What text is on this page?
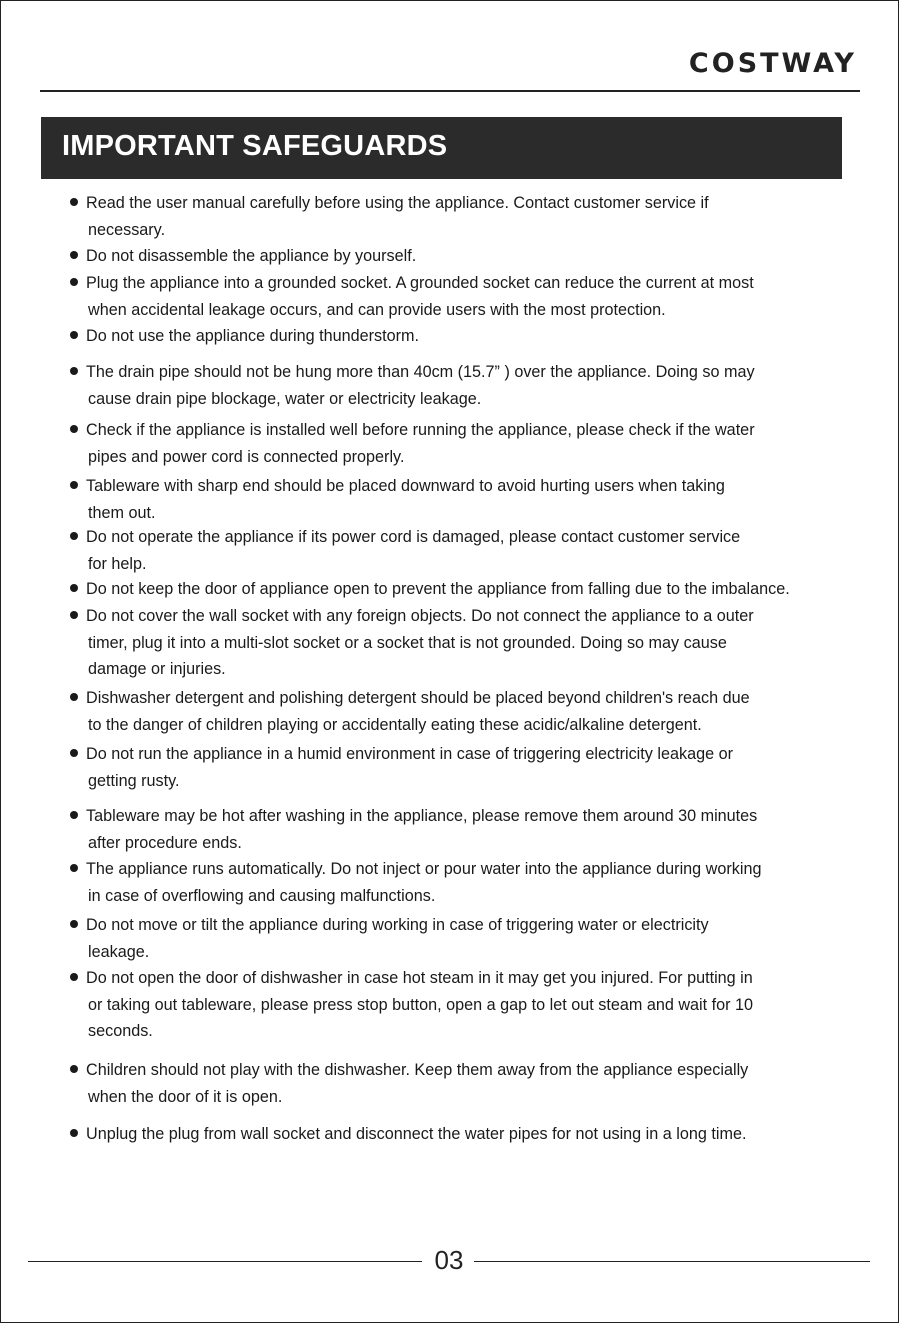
COSTWAY
IMPORTANT SAFEGUARDS
Read the user manual carefully before using the appliance. Contact customer service if
necessary.
Do not disassemble the appliance by yourself.
Plug the appliance into a grounded socket. A grounded socket can reduce the current at most
when accidental leakage occurs, and can provide users with the most protection.
Do not use the appliance during thunderstorm.
The drain pipe should not be hung more than 40cm (15.7” ) over the appliance. Doing so may
cause drain pipe blockage, water or electricity leakage.
Check if the appliance is installed well before running the appliance, please check if the water
pipes and power cord is connected properly.
Tableware with sharp end should be placed downward to avoid hurting users when taking
them out.
Do not operate the appliance if its power cord is damaged, please contact customer service
for help.
Do not keep the door of appliance open to prevent the appliance from falling due to the imbalance.
Do not cover the wall socket with any foreign objects. Do not connect the appliance to a outer
timer, plug it into a multi-slot socket or a socket that is not grounded. Doing so may cause
damage or injuries.
Dishwasher detergent and polishing detergent should be placed beyond children's reach due
to the danger of children playing or accidentally eating these acidic/alkaline detergent.
Do not run the appliance in a humid environment in case of triggering electricity leakage or
getting rusty.
Tableware may be hot after washing in the appliance, please remove them around 30 minutes
after procedure ends.
The appliance runs automatically. Do not inject or pour water into the appliance during working
in case of overflowing and causing malfunctions.
Do not move or tilt the appliance during working in case of triggering water or electricity
leakage.
Do not open the door of dishwasher in case hot steam in it may get you injured. For putting in
or taking out tableware, please press stop button, open a gap to let out steam and wait for 10
seconds.
Children should not play with the dishwasher. Keep them away from the appliance especially
when the door of it is open.
Unplug the plug from wall socket and disconnect the water pipes for not using in a long time.
03
